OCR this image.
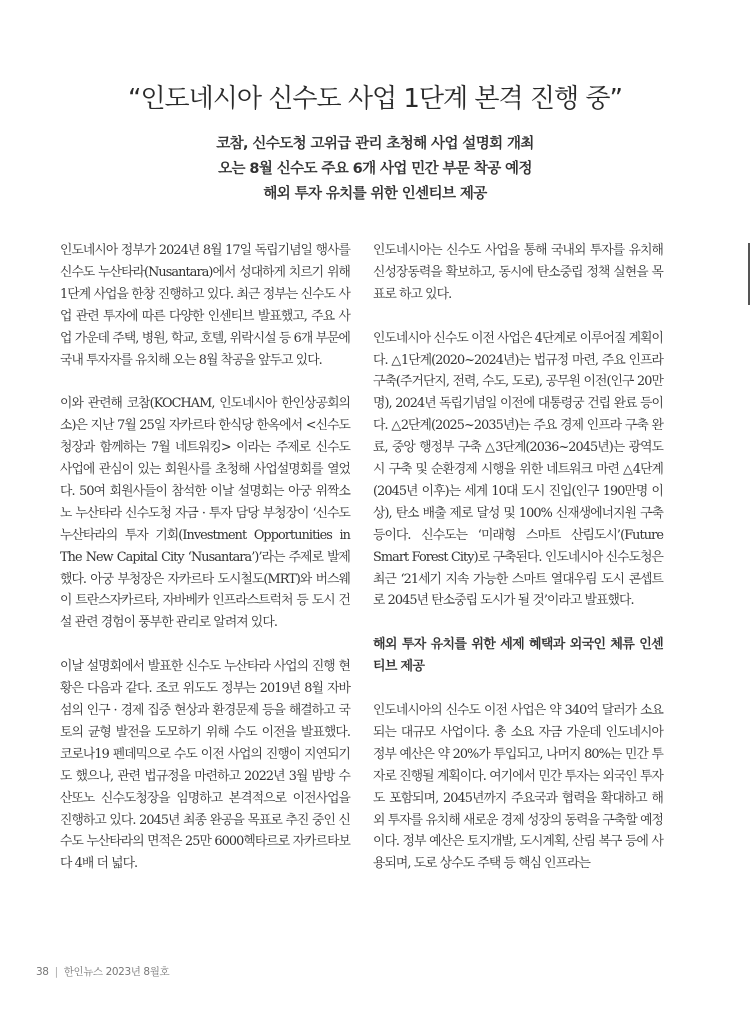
“인도네시아 신수도 사업 1단계 본격 진행 중”
코참, 신수도청 고위급 관리 초청해 사업 설명회 개최
오는 8월 신수도 주요 6개 사업 민간 부문 착공 예정
해외 투자 유치를 위한 인센티브 제공

인도네시아 정부가 2024년 8월 17일 독립기념일 행사를 신수도 누산타라(Nusantara)에서 성대하게 치르기 위해 1단계 사업을 한창 진행하고 있다. 최근 정부는 신수도 사업 관련 투자에 따른 다양한 인센티브 발표했고, 주요 사업 가운데 주택, 병원, 학교, 호텔, 위락시설 등 6개 부문에 국내 투자자를 유치해 오는 8월 착공을 앞두고 있다.

이와 관련해 코참(KOCHAM, 인도네시아 한인상공회의소)은 지난 7월 25일 자카르타 한식당 한옥에서 <신수도청장과 함께하는 7월 네트워킹> 이라는 주제로 신수도 사업에 관심이 있는 회원사를 초청해 사업설명회를 열었다. 50여 회원사들이 참석한 이날 설명회는 아궁 위짝소노 누산타라 신수도청 자금 · 투자 담당 부청장이 ‘신수도 누산타라의 투자 기회(Investment Opportunities in The New Capital City ‘Nusantara’)’라는 주제로 발제했다. 아궁 부청장은 자카르타 도시철도(MRT)와 버스웨이 트란스자카르타, 자바베카 인프라스트럭처 등 도시 건설 관련 경험이 풍부한 관리로 알려져 있다.

이날 설명회에서 발표한 신수도 누산타라 사업의 진행 현황은 다음과 같다. 조코 위도도 정부는 2019년 8월 자바섬의 인구 · 경제 집중 현상과 환경문제 등을 해결하고 국토의 균형 발전을 도모하기 위해 수도 이전을 발표했다. 코로나19 펜데믹으로 수도 이전 사업의 진행이 지연되기도 했으나, 관련 법규정을 마련하고 2022년 3월 밤방 수산또노 신수도청장을 임명하고 본격적으로 이전사업을 진행하고 있다. 2045년 최종 완공을 목표로 추진 중인 신수도 누산타라의 면적은 25만 6000헥타르로 자카르타보다 4배 더 넓다.

인도네시아는 신수도 사업을 통해 국내외 투자를 유치해 신성장동력을 확보하고, 동시에 탄소중립 정책 실현을 목표로 하고 있다.

인도네시아 신수도 이전 사업은 4단계로 이루어질 계획이다. △1단계(2020~2024년)는 법규정 마련, 주요 인프라 구축(주거단지, 전력, 수도, 도로), 공무원 이전(인구 20만명), 2024년 독립기념일 이전에 대통령궁 건립 완료 등이다. △2단계(2025~2035년)는 주요 경제 인프라 구축 완료, 중앙 행정부 구축 △3단계(2036~2045년)는 광역도시 구축 및 순환경제 시행을 위한 네트워크 마련 △4단계(2045년 이후)는 세계 10대 도시 진입(인구 190만명 이상), 탄소 배출 제로 달성 및 100% 신재생에너지원 구축 등이다. 신수도는 ‘미래형 스마트 산림도시’(Future Smart Forest City)로 구축된다. 인도네시아 신수도청은 최근 ‘21세기 지속 가능한 스마트 열대우림 도시 콘셉트로 2045년 탄소중립 도시가 될 것’이라고 발표했다.

해외 투자 유치를 위한 세제 혜택과 외국인 체류 인센티브 제공

인도네시아의 신수도 이전 사업은 약 340억 달러가 소요되는 대규모 사업이다. 총 소요 자금 가운데 인도네시아 정부 예산은 약 20%가 투입되고, 나머지 80%는 민간 투자로 진행될 계획이다. 여기에서 민간 투자는 외국인 투자도 포함되며, 2045년까지 주요국과 협력을 확대하고 해외 투자를 유치해 새로운 경제 성장의 동력을 구축할 예정이다. 정부 예산은 토지개발, 도시계획, 산림 복구 등에 사용되며, 도로 상수도 주택 등 핵심 인프라는

38 | 한인뉴스 2023년 8월호
